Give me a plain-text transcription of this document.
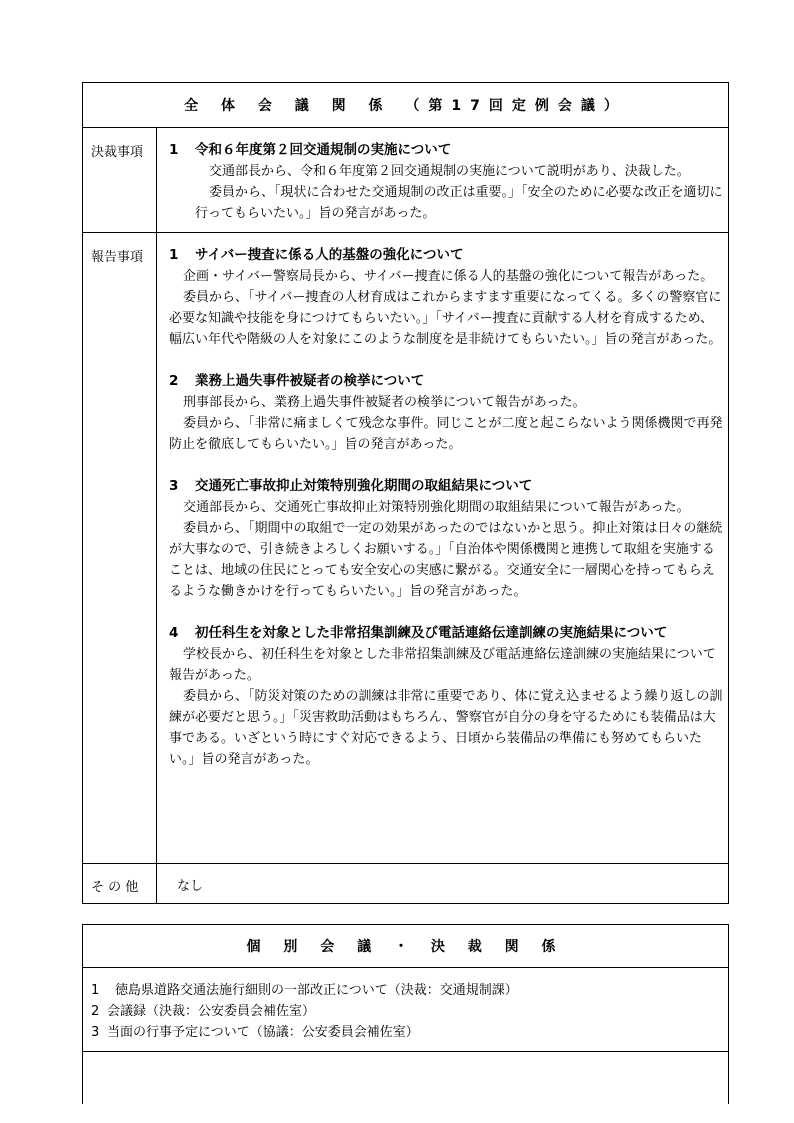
全 体 会 議 関 係 （第17回定例会議）
決裁事項	1	令和６年度第２回交通規制の実施について
交通部長から、令和６年度第２回交通規制の実施について説明があり、決裁した。
委員から、「現状に合わせた交通規制の改正は重要。」「安全のために必要な改正を適切に行ってもらいたい。」旨の発言があった。
報告事項	1	サイバー捜査に係る人的基盤の強化について
企画・サイバー警察局長から、サイバー捜査に係る人的基盤の強化について報告があった。
委員から、「サイバー捜査の人材育成はこれからますます重要になってくる。多くの警察官に必要な知識や技能を身につけてもらいたい。」「サイバー捜査に貢献する人材を育成するため、幅広い年代や階級の人を対象にこのような制度を是非続けてもらいたい。」旨の発言があった。
2	業務上過失事件被疑者の検挙について
刑事部長から、業務上過失事件被疑者の検挙について報告があった。
委員から、「非常に痛ましくて残念な事件。同じことが二度と起こらないよう関係機関で再発防止を徹底してもらいたい。」旨の発言があった。
3	交通死亡事故抑止対策特別強化期間の取組結果について
交通部長から、交通死亡事故抑止対策特別強化期間の取組結果について報告があった。
委員から、「期間中の取組で一定の効果があったのではないかと思う。抑止対策は日々の継続が大事なので、引き続きよろしくお願いする。」「自治体や関係機関と連携して取組を実施することは、地域の住民にとっても安全安心の実感に繋がる。交通安全に一層関心を持ってもらえるような働きかけを行ってもらいたい。」旨の発言があった。
4	初任科生を対象とした非常招集訓練及び電話連絡伝達訓練の実施結果について
学校長から、初任科生を対象とした非常招集訓練及び電話連絡伝達訓練の実施結果について報告があった。
委員から、「防災対策のための訓練は非常に重要であり、体に覚え込ませるよう繰り返しの訓練が必要だと思う。」「災害救助活動はもちろん、警察官が自分の身を守るためにも装備品は大事である。いざという時にすぐ対応できるよう、日頃から装備品の準備にも努めてもらいたい。」旨の発言があった。
そ の 他	なし
個 別 会 議 ・ 決 裁 関 係
1	徳島県道路交通法施行細則の一部改正について（決裁：交通規制課）
2 会議録（決裁：公安委員会補佐室）
3 当面の行事予定について（協議：公安委員会補佐室）
